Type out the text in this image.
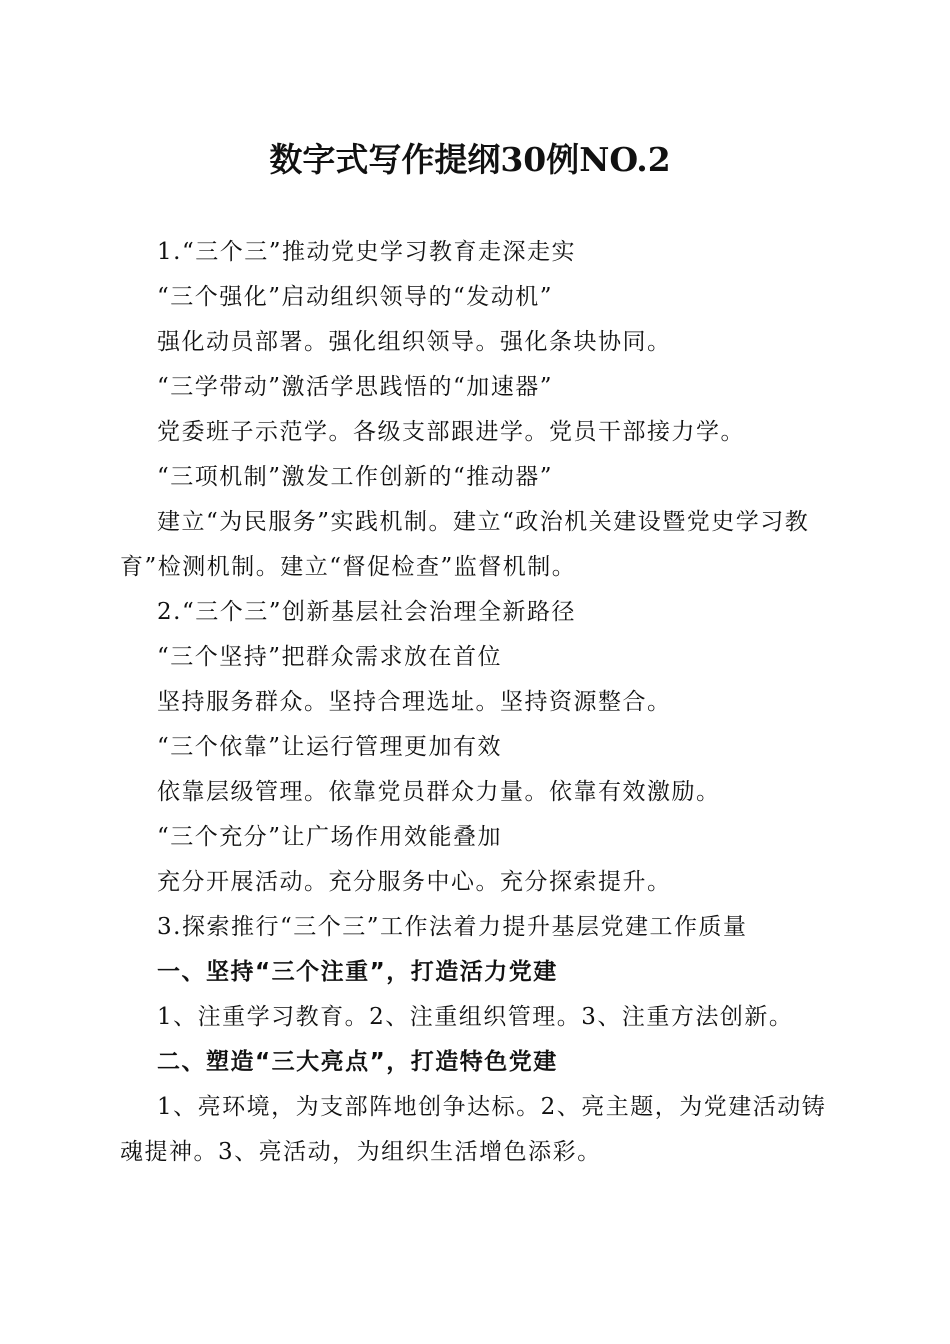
数字式写作提纲30例NO.2
1.“三个三”推动党史学习教育走深走实
“三个强化”启动组织领导的“发动机”
强化动员部署。强化组织领导。强化条块协同。
“三学带动”激活学思践悟的“加速器”
党委班子示范学。各级支部跟进学。党员干部接力学。
“三项机制”激发工作创新的“推动器”
建立“为民服务”实践机制。建立“政治机关建设暨党史学习教育”检测机制。建立“督促检查”监督机制。
2.“三个三”创新基层社会治理全新路径
“三个坚持”把群众需求放在首位
坚持服务群众。坚持合理选址。坚持资源整合。
“三个依靠”让运行管理更加有效
依靠层级管理。依靠党员群众力量。依靠有效激励。
“三个充分”让广场作用效能叠加
充分开展活动。充分服务中心。充分探索提升。
3.探索推行“三个三”工作法着力提升基层党建工作质量
一、坚持“三个注重”，打造活力党建
1、注重学习教育。2、注重组织管理。3、注重方法创新。
二、塑造“三大亮点”，打造特色党建
1、亮环境，为支部阵地创争达标。2、亮主题，为党建活动铸魂提神。3、亮活动，为组织生活增色添彩。
